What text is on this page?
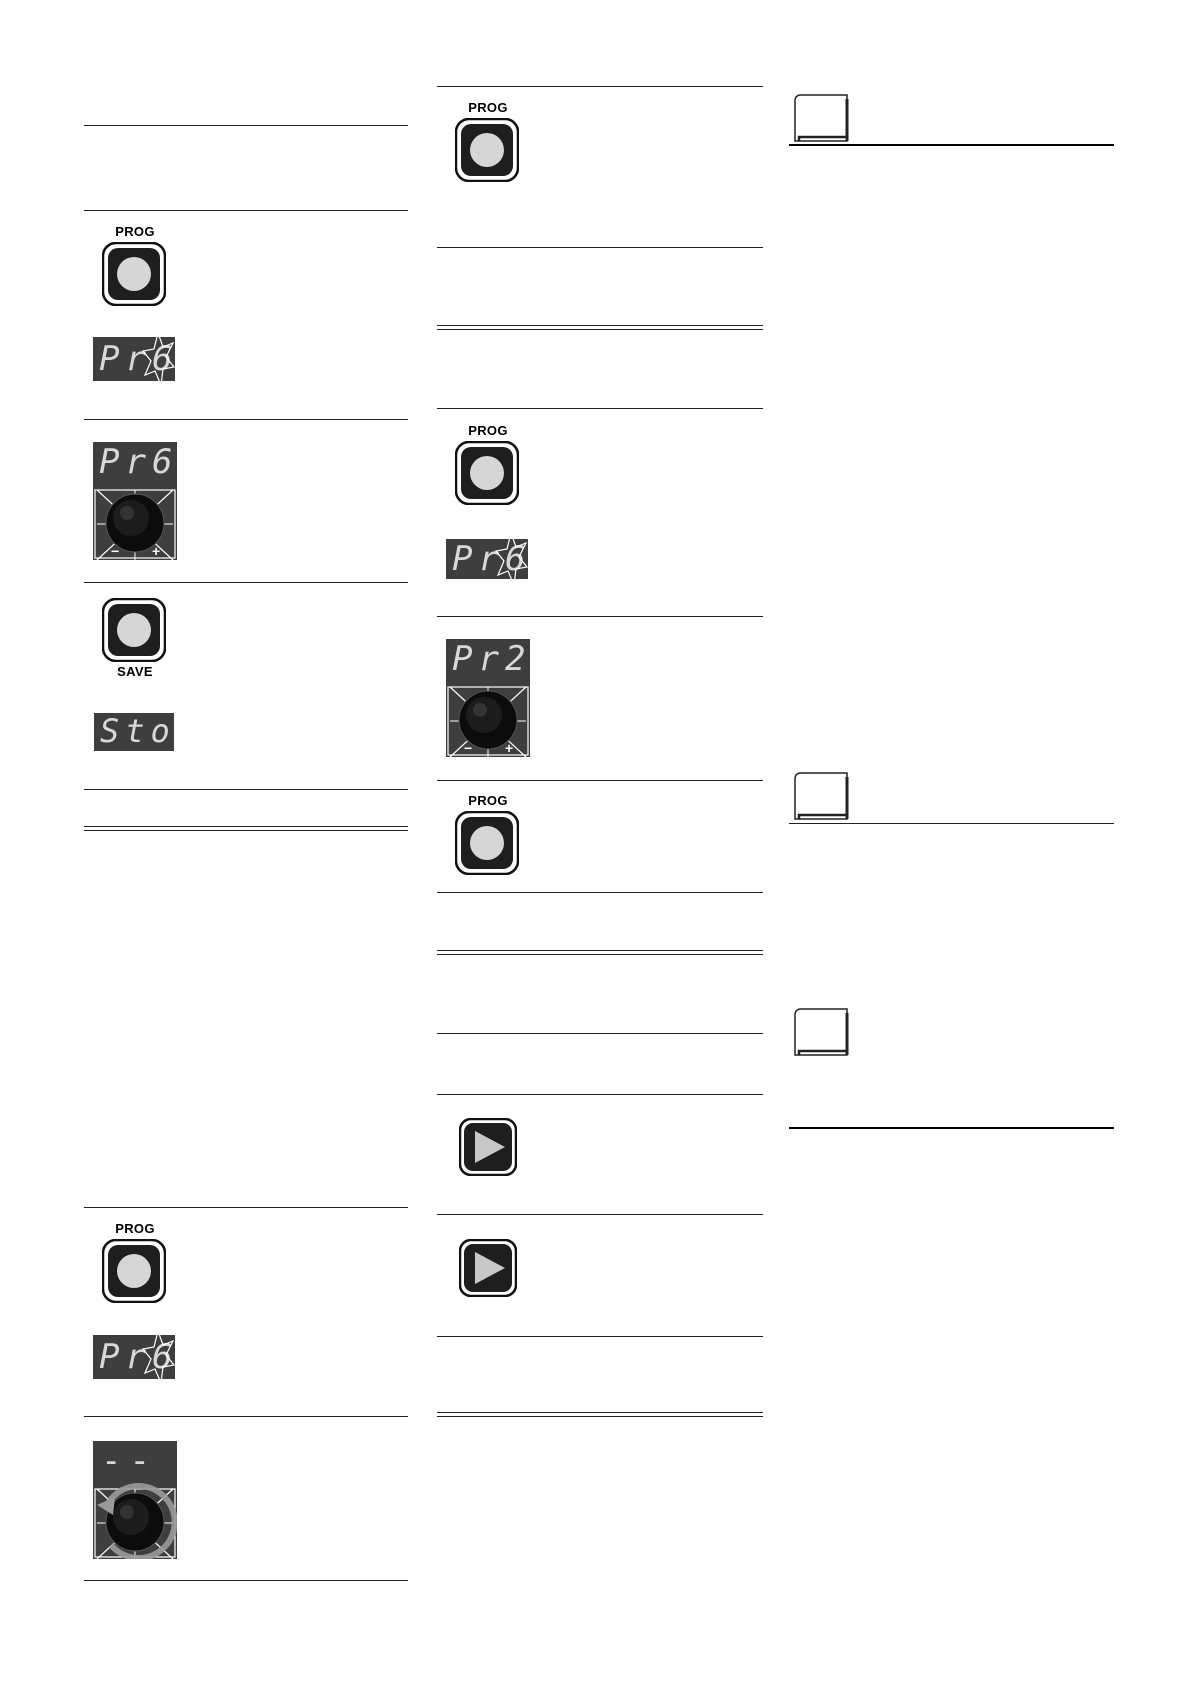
PROG
Pr6
Pr6
− +
SAVE
Sto
PROG
Pr6
--
PROG
PROG
Pr6
Pr2
− +
PROG
